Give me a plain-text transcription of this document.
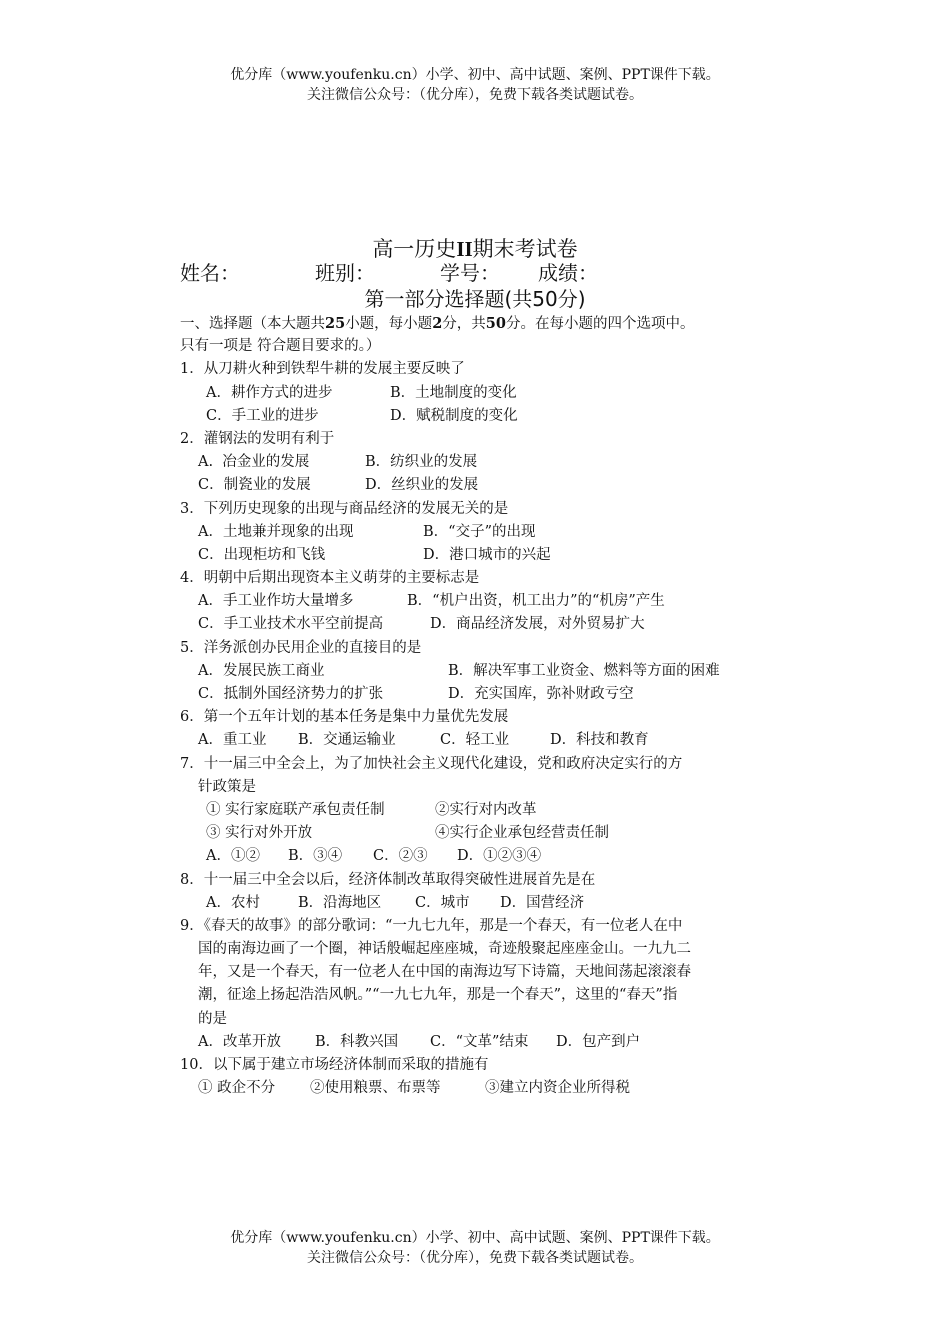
优分库（www.youfenku.cn）小学、初中、高中试题、案例、PPT课件下载。
关注微信公众号：（优分库），免费下载各类试题试卷。
高一历史II期末考试卷
姓名：	班别：	学号： 成绩：
第一部分选择题(共50分)
一、选择题（本大题共25小题，每小题2分，共50分。在每小题的四个选项中。
只有一项是 符合题目要求的。）
1．从刀耕火种到铁犁牛耕的发展主要反映了
A．耕作方式的进步	B．土地制度的变化
C．手工业的进步	D．赋税制度的变化
2．灌钢法的发明有利于
A.  冶金业的发展	B．纺织业的发展
C．制瓷业的发展	D．丝织业的发展
3．下列历史现象的出现与商品经济的发展无关的是
A．土地兼并现象的出现	B．“交子”的出现
C．出现柜坊和飞钱	D．港口城市的兴起
4．明朝中后期出现资本主义萌芽的主要标志是
A．手工业作坊大量增多	B．“机户出资，机工出力”的“机房”产生
C．手工业技术水平空前提高	D．商品经济发展，对外贸易扩大
5．洋务派创办民用企业的直接目的是
A．发展民族工商业	B．解决军事工业资金、燃料等方面的困难
C．抵制外国经济势力的扩张	D．充实国库，弥补财政亏空
6．第一个五年计划的基本任务是集中力量优先发展
A．重工业 B．交通运输业	C．轻工业	D．科技和教育
7．十一届三中全会上，为了加快社会主义现代化建设，党和政府决定实行的方
针政策是
① 实行家庭联产承包责任制	②实行对内改革
③ 实行对外开放	④实行企业承包经营责任制
A．①② B．③④ C．②③ D．①②③④
8．十一届三中全会以后，经济体制改革取得突破性进展首先是在
A．农村	B．沿海地区 C．城市 D．国营经济
9．《春天的故事》的部分歌词：“一九七九年，那是一个春天，有一位老人在中
国的南海边画了一个圈，神话般崛起座座城，奇迹般聚起座座金山。一九九二
年，又是一个春天，有一位老人在中国的南海边写下诗篇，天地间荡起滚滚春
潮，征途上扬起浩浩风帆。”“一九七九年，那是一个春天”，这里的“春天”指
的是
A．改革开放 B．科教兴国 C．“文革”结束 D．包产到户
10．以下属于建立市场经济体制而采取的措施有
① 政企不分 ②使用粮票、布票等	③建立内资企业所得税
优分库（www.youfenku.cn）小学、初中、高中试题、案例、PPT课件下载。
关注微信公众号：（优分库），免费下载各类试题试卷。
